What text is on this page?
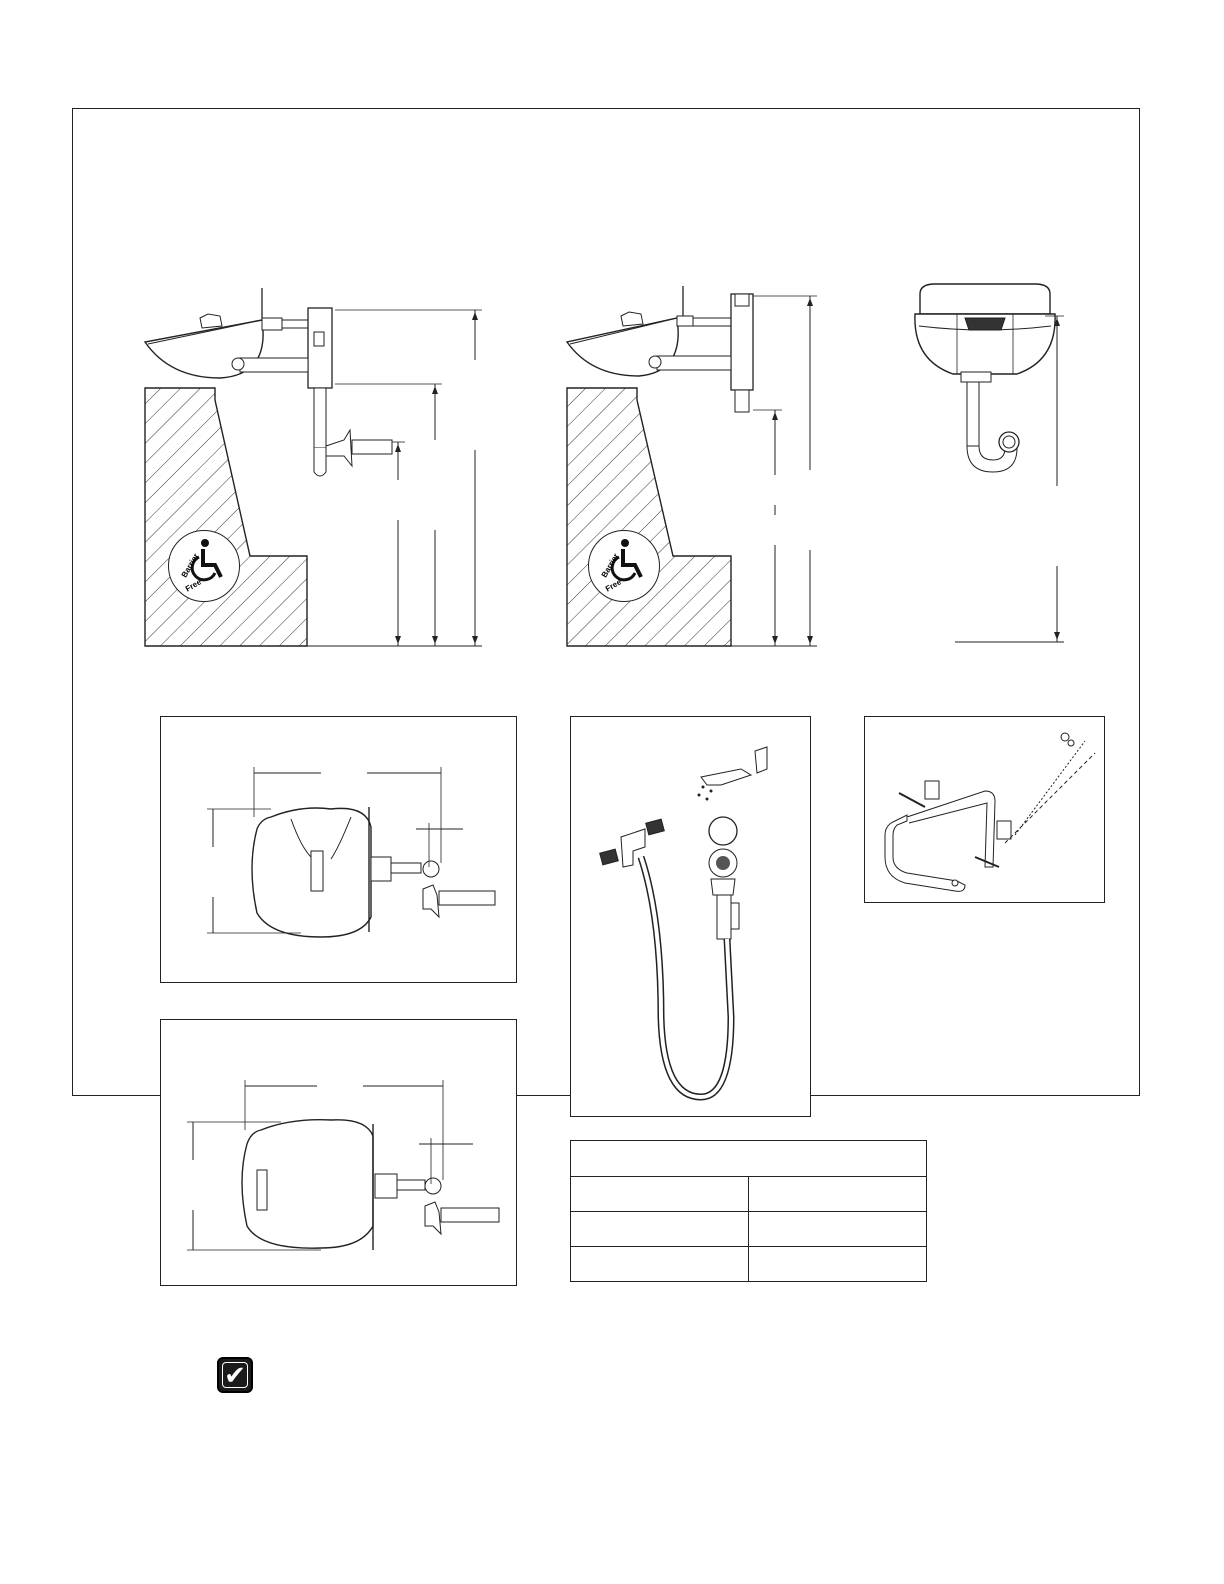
Barrier
Free
Barrier
Free

✔
